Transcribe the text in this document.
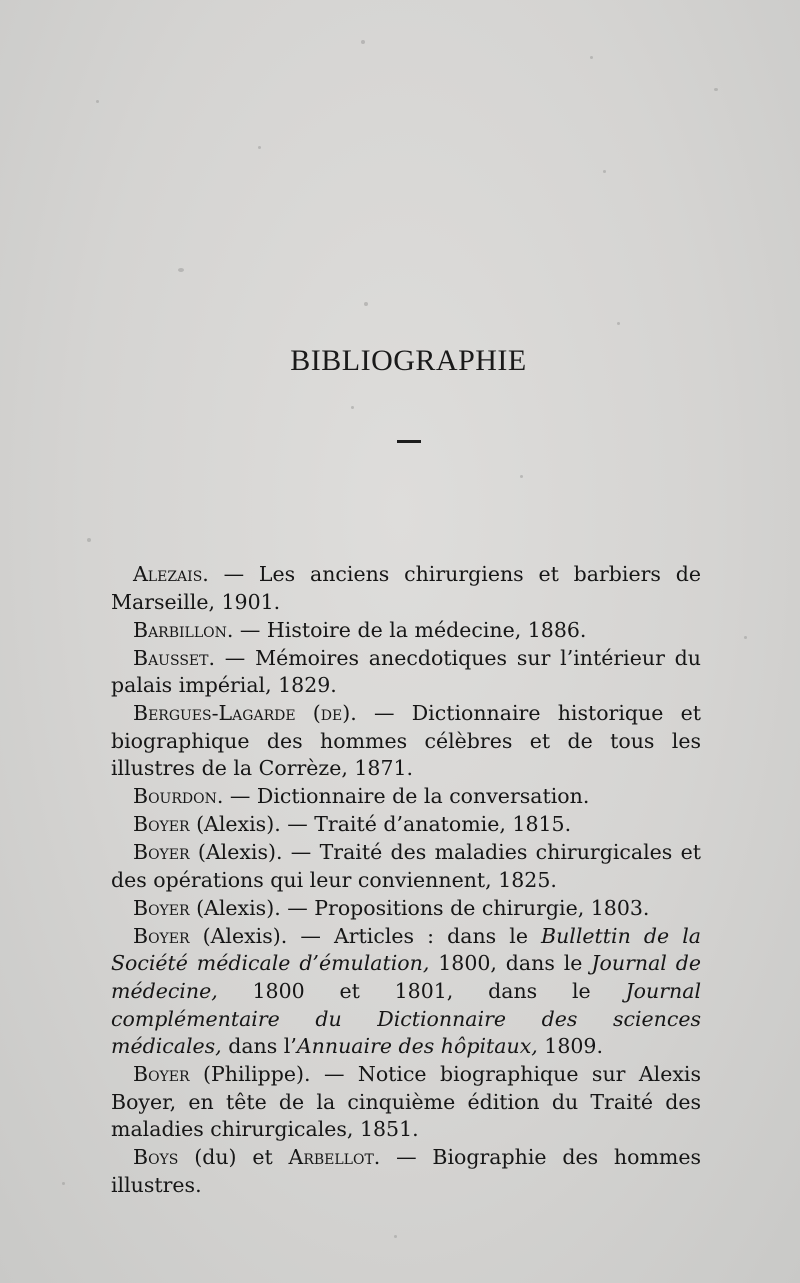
BIBLIOGRAPHIE

Alezais. — Les anciens chirurgiens et barbiers de Marseille, 1901.

Barbillon. — Histoire de la médecine, 1886.

Bausset. — Mémoires anecdotiques sur l’intérieur du palais impérial, 1829.

Bergues-Lagarde (de). — Dictionnaire historique et biographique des hommes célèbres et de tous les illustres de la Corrèze, 1871.

Bourdon. — Dictionnaire de la conversation.

Boyer (Alexis). — Traité d’anatomie, 1815.

Boyer (Alexis). — Traité des maladies chirurgicales et des opérations qui leur conviennent, 1825.

Boyer (Alexis). — Propositions de chirurgie, 1803.

Boyer (Alexis). — Articles : dans le Bullettin de la Société médicale d’émulation, 1800, dans le Journal de médecine, 1800 et 1801, dans le Journal complémentaire du Dictionnaire des sciences médicales, dans l’Annuaire des hôpitaux, 1809.

Boyer (Philippe). — Notice biographique sur Alexis Boyer, en tête de la cinquième édition du Traité des maladies chirurgicales, 1851.

Boys (du) et Arbellot. — Biographie des hommes illustres.
